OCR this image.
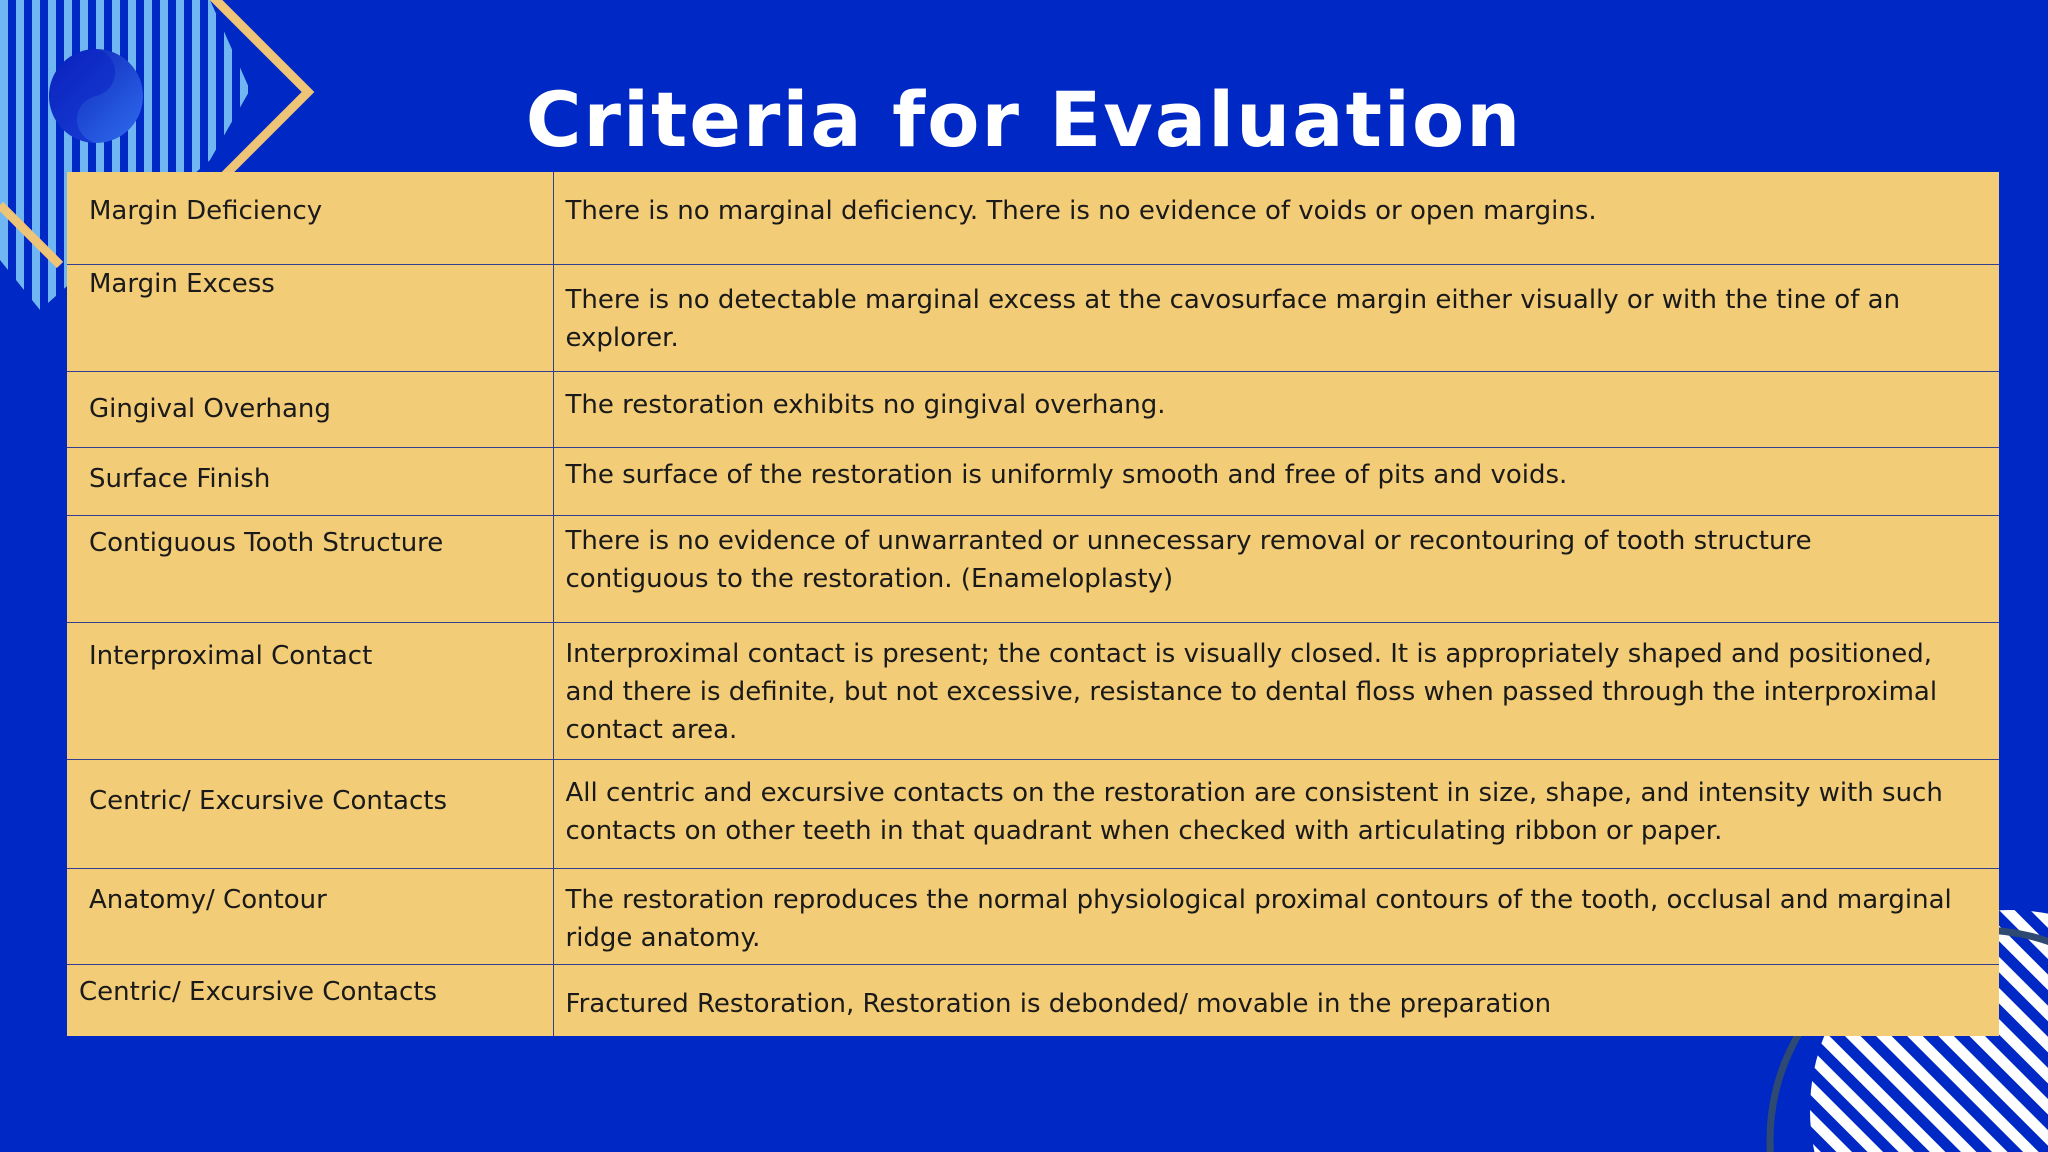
Criteria for Evaluation
Margin Deficiency	There is no marginal deficiency. There is no evidence of voids or open margins.
Margin Excess	There is no detectable marginal excess at the cavosurface margin either visually or with the tine of an explorer.
Gingival Overhang	The restoration exhibits no gingival overhang.
Surface Finish	The surface of the restoration is uniformly smooth and free of pits and voids.
Contiguous Tooth Structure	There is no evidence of unwarranted or unnecessary removal or recontouring of tooth structure contiguous to the restoration. (Enameloplasty)
Interproximal Contact	Interproximal contact is present; the contact is visually closed. It is appropriately shaped and positioned, and there is definite, but not excessive, resistance to dental floss when passed through the interproximal contact area.
Centric/ Excursive Contacts	All centric and excursive contacts on the restoration are consistent in size, shape, and intensity with such contacts on other teeth in that quadrant when checked with articulating ribbon or paper.
Anatomy/ Contour	The restoration reproduces the normal physiological proximal contours of the tooth, occlusal and marginal ridge anatomy.
Centric/ Excursive Contacts	Fractured Restoration, Restoration is debonded/ movable in the preparation
